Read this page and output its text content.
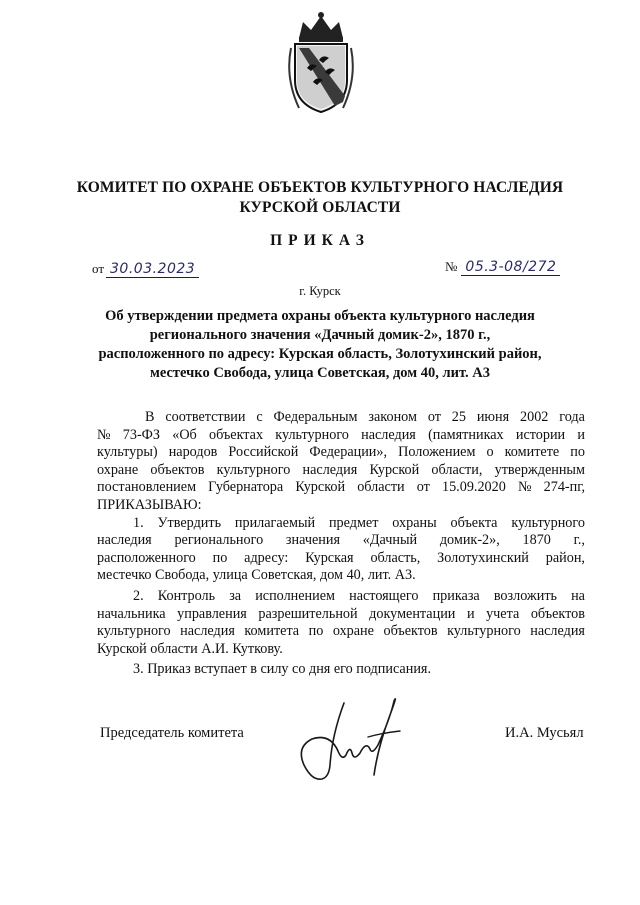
КОМИТЕТ ПО ОХРАНЕ ОБЪЕКТОВ КУЛЬТУРНОГО НАСЛЕДИЯ
КУРСКОЙ ОБЛАСТИ
ПРИКАЗ
от 30.03.2023	№ 05.3-08/272
г. Курск
Об утверждении предмета охраны объекта культурного наследия
регионального значения «Дачный домик-2», 1870 г.,
расположенного по адресу: Курская область, Золотухинский район,
местечко Свобода, улица Советская, дом 40, лит. А3
В соответствии с Федеральным законом от 25 июня 2002 года
№ 73-ФЗ «Об объектах культурного наследия (памятниках истории и
культуры) народов Российской Федерации», Положением о комитете по
охране объектов культурного наследия Курской области, утвержденным
постановлением Губернатора Курской области от 15.09.2020 № 274-пг,
ПРИКАЗЫВАЮ:
1. Утвердить прилагаемый предмет охраны объекта культурного
наследия регионального значения «Дачный домик-2», 1870 г.,
расположенного по адресу: Курская область, Золотухинский район,
местечко Свобода, улица Советская, дом 40, лит. А3.
2. Контроль за исполнением настоящего приказа возложить на
начальника управления разрешительной документации и учета объектов
культурного наследия комитета по охране объектов культурного наследия
Курской области А.И. Куткову.
3. Приказ вступает в силу со дня его подписания.
Председатель комитета	И.А. Мусьял
